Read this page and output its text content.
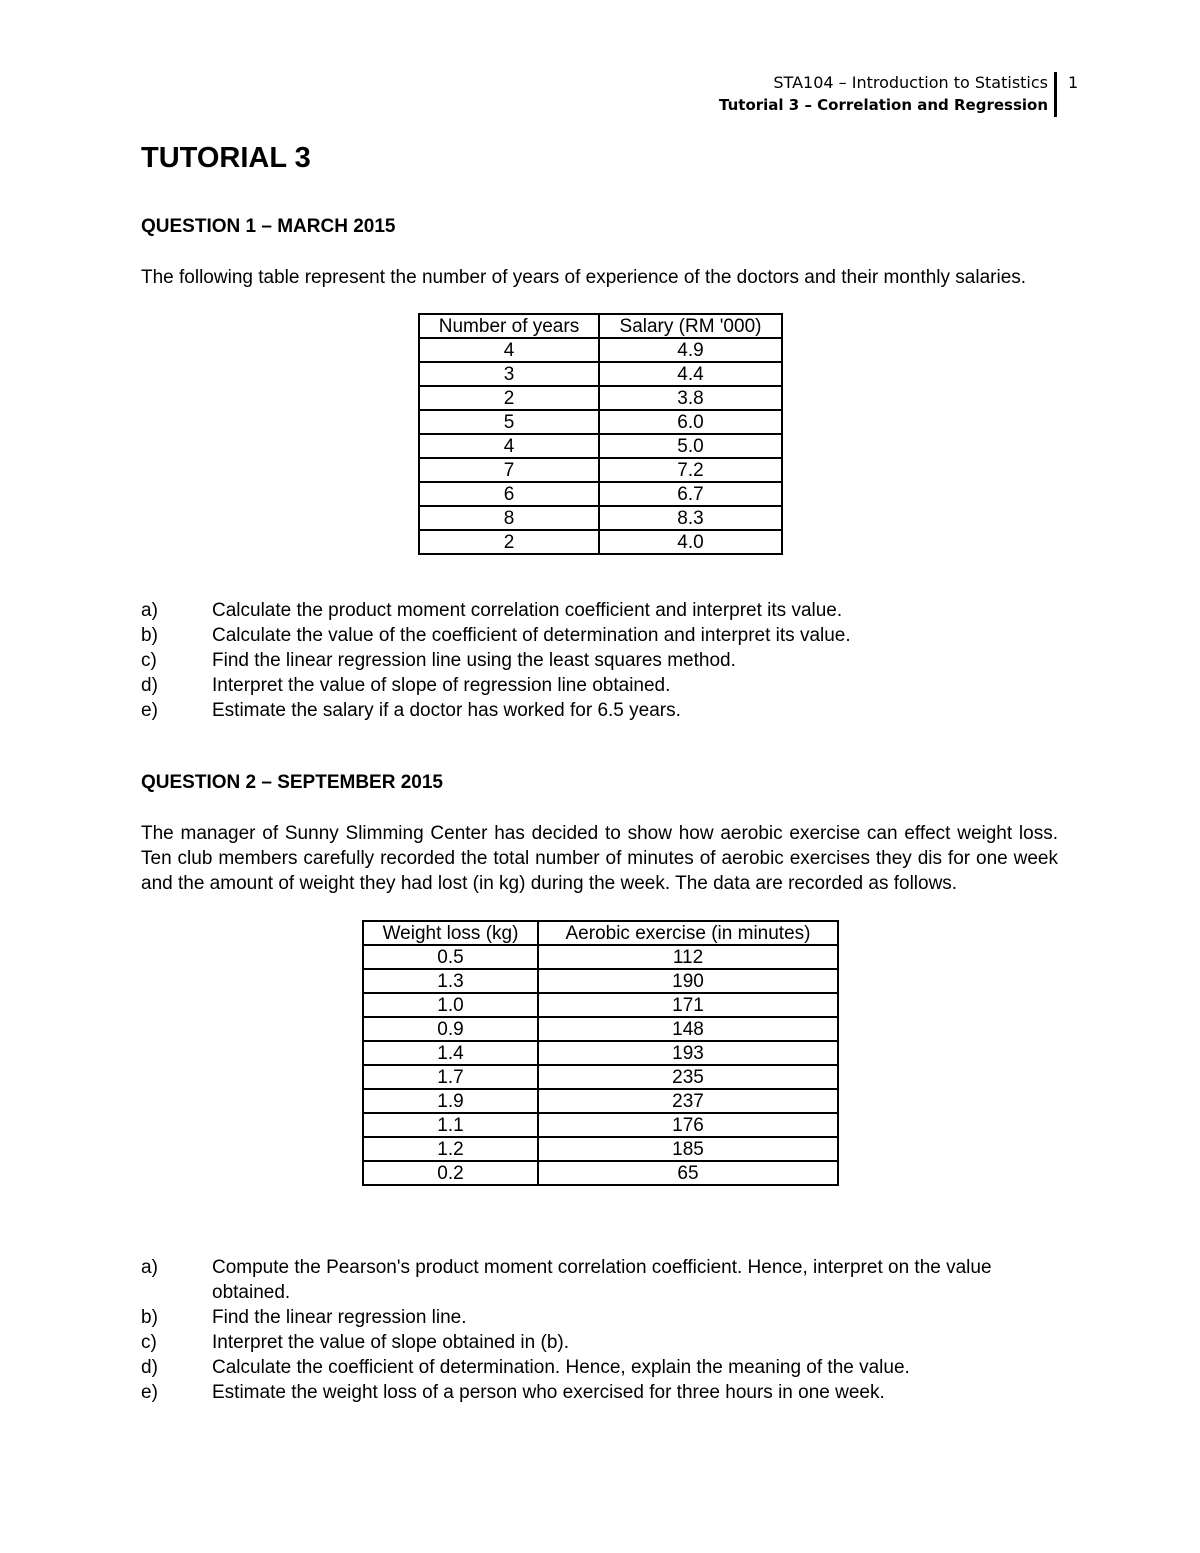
STA104 – Introduction to Statistics
Tutorial 3 – Correlation and Regression
1
TUTORIAL 3
QUESTION 1 – MARCH 2015
The following table represent the number of years of experience of the doctors and their monthly salaries.
Number of years	Salary (RM '000)
4	4.9
3	4.4
2	3.8
5	6.0
4	5.0
7	7.2
6	6.7
8	8.3
2	4.0
a)	Calculate the product moment correlation coefficient and interpret its value.
b)	Calculate the value of the coefficient of determination and interpret its value.
c)	Find the linear regression line using the least squares method.
d)	Interpret the value of slope of regression line obtained.
e)	Estimate the salary if a doctor has worked for 6.5 years.
QUESTION 2 – SEPTEMBER 2015
The manager of Sunny Slimming Center has decided to show how aerobic exercise can effect weight loss. Ten club members carefully recorded the total number of minutes of aerobic exercises they dis for one week and the amount of weight they had lost (in kg) during the week. The data are recorded as follows.
Weight loss (kg)	Aerobic exercise (in minutes)
0.5	112
1.3	190
1.0	171
0.9	148
1.4	193
1.7	235
1.9	237
1.1	176
1.2	185
0.2	65
a)	Compute the Pearson's product moment correlation coefficient. Hence, interpret on the value obtained.
b)	Find the linear regression line.
c)	Interpret the value of slope obtained in (b).
d)	Calculate the coefficient of determination. Hence, explain the meaning of the value.
e)	Estimate the weight loss of a person who exercised for three hours in one week.
